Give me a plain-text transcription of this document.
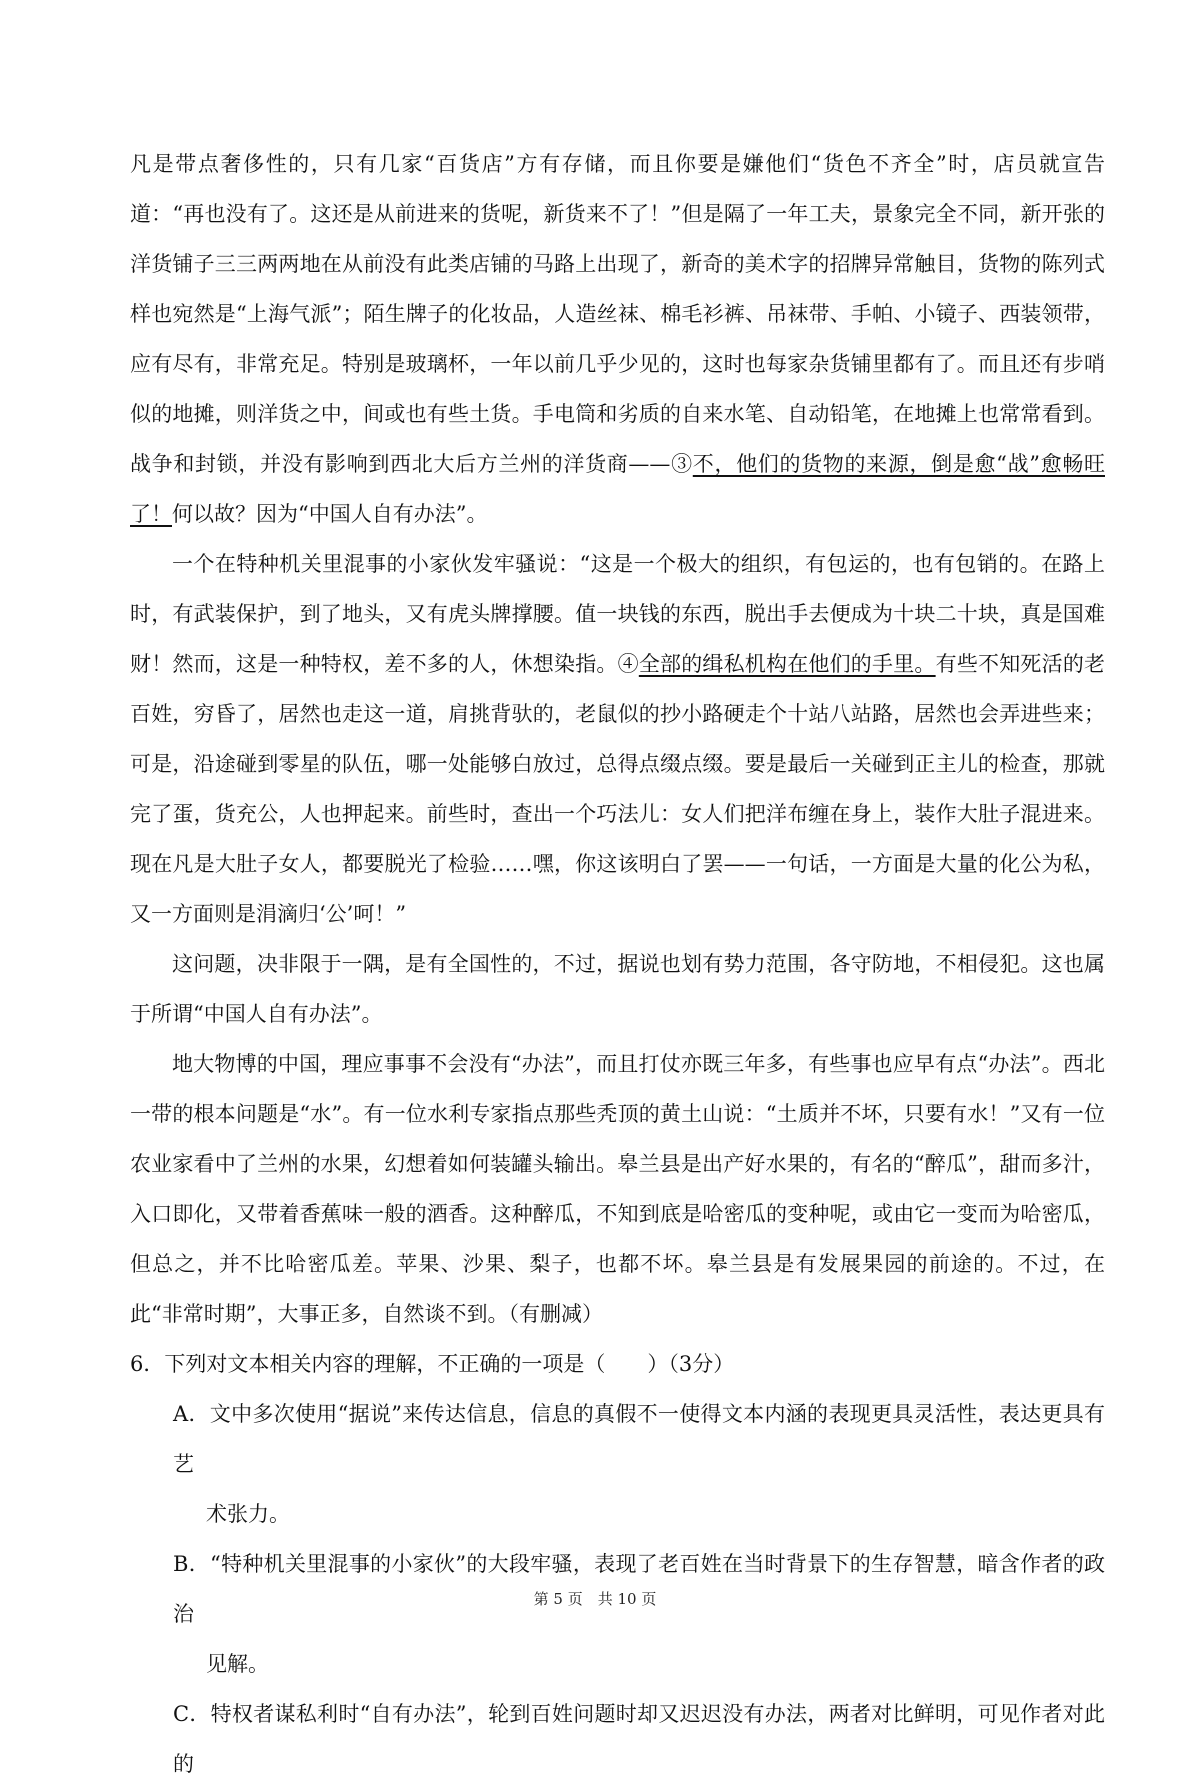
凡是带点奢侈性的，只有几家“百货店”方有存储，而且你要是嫌他们“货色不齐全”时，店员就宣告道：“再也没有了。这还是从前进来的货呢，新货来不了！”但是隔了一年工夫，景象完全不同，新开张的洋货铺子三三两两地在从前没有此类店铺的马路上出现了，新奇的美术字的招牌异常触目，货物的陈列式样也宛然是“上海气派”；陌生牌子的化妆品，人造丝袜、棉毛衫裤、吊袜带、手帕、小镜子、西装领带，应有尽有，非常充足。特别是玻璃杯，一年以前几乎少见的，这时也每家杂货铺里都有了。而且还有步哨似的地摊，则洋货之中，间或也有些土货。手电筒和劣质的自来水笔、自动铅笔，在地摊上也常常看到。战争和封锁，并没有影响到西北大后方兰州的洋货商——③不，他们的货物的来源，倒是愈“战”愈畅旺了！何以故？因为“中国人自有办法”。

一个在特种机关里混事的小家伙发牢骚说：“这是一个极大的组织，有包运的，也有包销的。在路上时，有武装保护，到了地头，又有虎头牌撑腰。值一块钱的东西，脱出手去便成为十块二十块，真是国难财！然而，这是一种特权，差不多的人，休想染指。④全部的缉私机构在他们的手里。有些不知死活的老百姓，穷昏了，居然也走这一道，肩挑背驮的，老鼠似的抄小路硬走个十站八站路，居然也会弄进些来；可是，沿途碰到零星的队伍，哪一处能够白放过，总得点缀点缀。要是最后一关碰到正主儿的检查，那就完了蛋，货充公，人也押起来。前些时，查出一个巧法儿：女人们把洋布缠在身上，装作大肚子混进来。现在凡是大肚子女人，都要脱光了检验……嘿，你这该明白了罢——一句话，一方面是大量的化公为私，又一方面则是涓滴归‘公’呵！”

这问题，决非限于一隅，是有全国性的，不过，据说也划有势力范围，各守防地，不相侵犯。这也属于所谓“中国人自有办法”。

地大物博的中国，理应事事不会没有“办法”，而且打仗亦既三年多，有些事也应早有点“办法”。西北一带的根本问题是“水”。有一位水利专家指点那些秃顶的黄土山说：“土质并不坏，只要有水！”又有一位农业家看中了兰州的水果，幻想着如何装罐头输出。皋兰县是出产好水果的，有名的“醉瓜”，甜而多汁，入口即化，又带着香蕉味一般的酒香。这种醉瓜，不知到底是哈密瓜的变种呢，或由它一变而为哈密瓜，但总之，并不比哈密瓜差。苹果、沙果、梨子，也都不坏。皋兰县是有发展果园的前途的。不过，在此“非常时期”，大事正多，自然谈不到。（有删减）

6．下列对文本相关内容的理解，不正确的一项是（　　）（3分）

A．文中多次使用“据说”来传达信息，信息的真假不一使得文本内涵的表现更具灵活性，表达更具有艺
术张力。
B．“特种机关里混事的小家伙”的大段牢骚，表现了老百姓在当时背景下的生存智慧，暗含作者的政治
见解。
C．特权者谋私利时“自有办法”，轮到百姓问题时却又迟迟没有办法，两者对比鲜明，可见作者对此的
第 5 页　共 10 页
